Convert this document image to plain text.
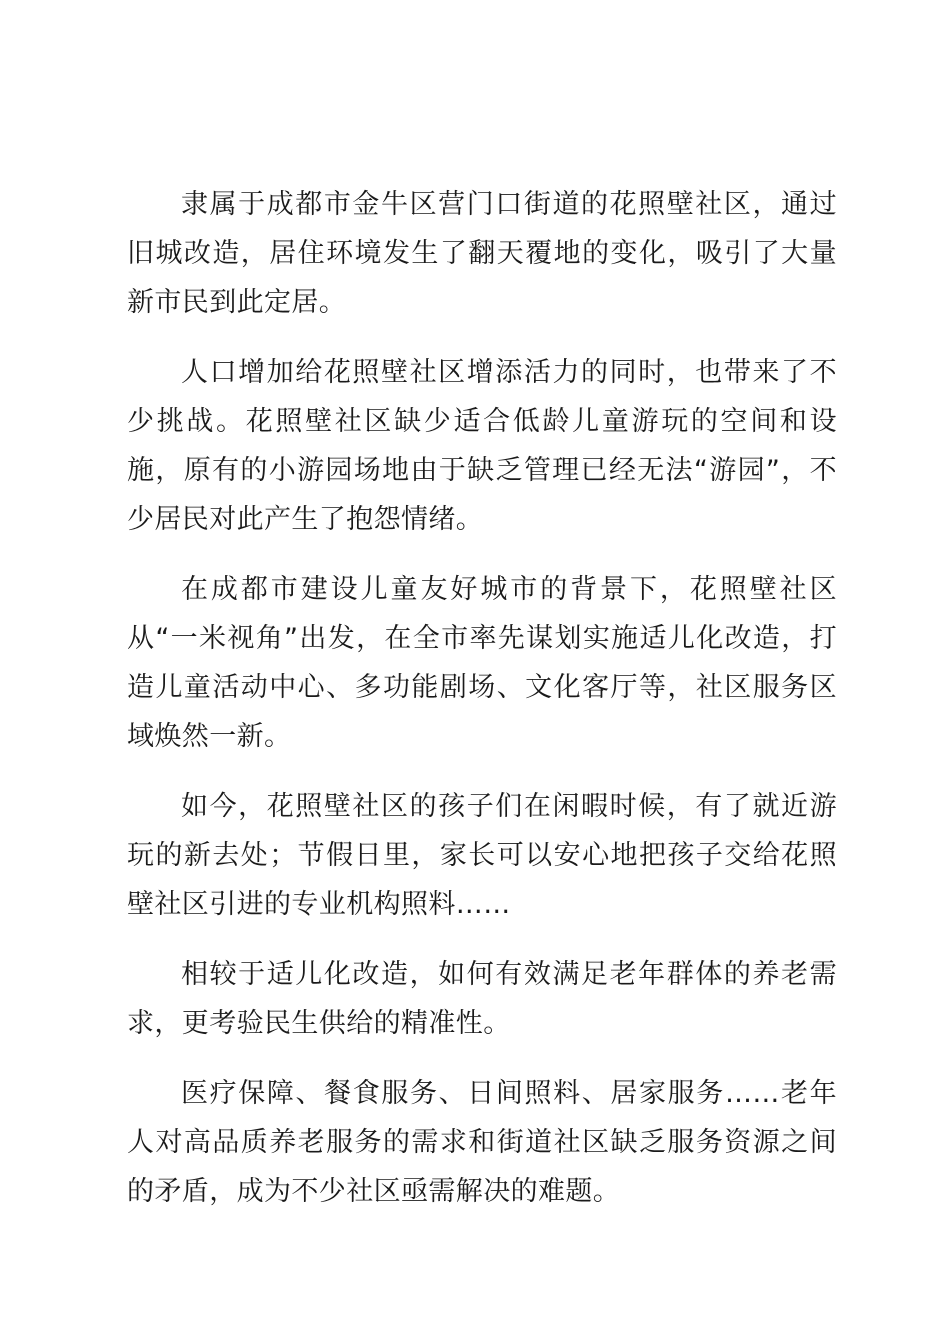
隶属于成都市金牛区营门口街道的花照壁社区，通过旧城改造，居住环境发生了翻天覆地的变化，吸引了大量新市民到此定居。

人口增加给花照壁社区增添活力的同时，也带来了不少挑战。花照壁社区缺少适合低龄儿童游玩的空间和设施，原有的小游园场地由于缺乏管理已经无法“游园”，不少居民对此产生了抱怨情绪。

在成都市建设儿童友好城市的背景下，花照壁社区从“一米视角”出发，在全市率先谋划实施适儿化改造，打造儿童活动中心、多功能剧场、文化客厅等，社区服务区域焕然一新。

如今，花照壁社区的孩子们在闲暇时候，有了就近游玩的新去处；节假日里，家长可以安心地把孩子交给花照壁社区引进的专业机构照料……

相较于适儿化改造，如何有效满足老年群体的养老需求，更考验民生供给的精准性。

医疗保障、餐食服务、日间照料、居家服务……老年人对高品质养老服务的需求和街道社区缺乏服务资源之间的矛盾，成为不少社区亟需解决的难题。
